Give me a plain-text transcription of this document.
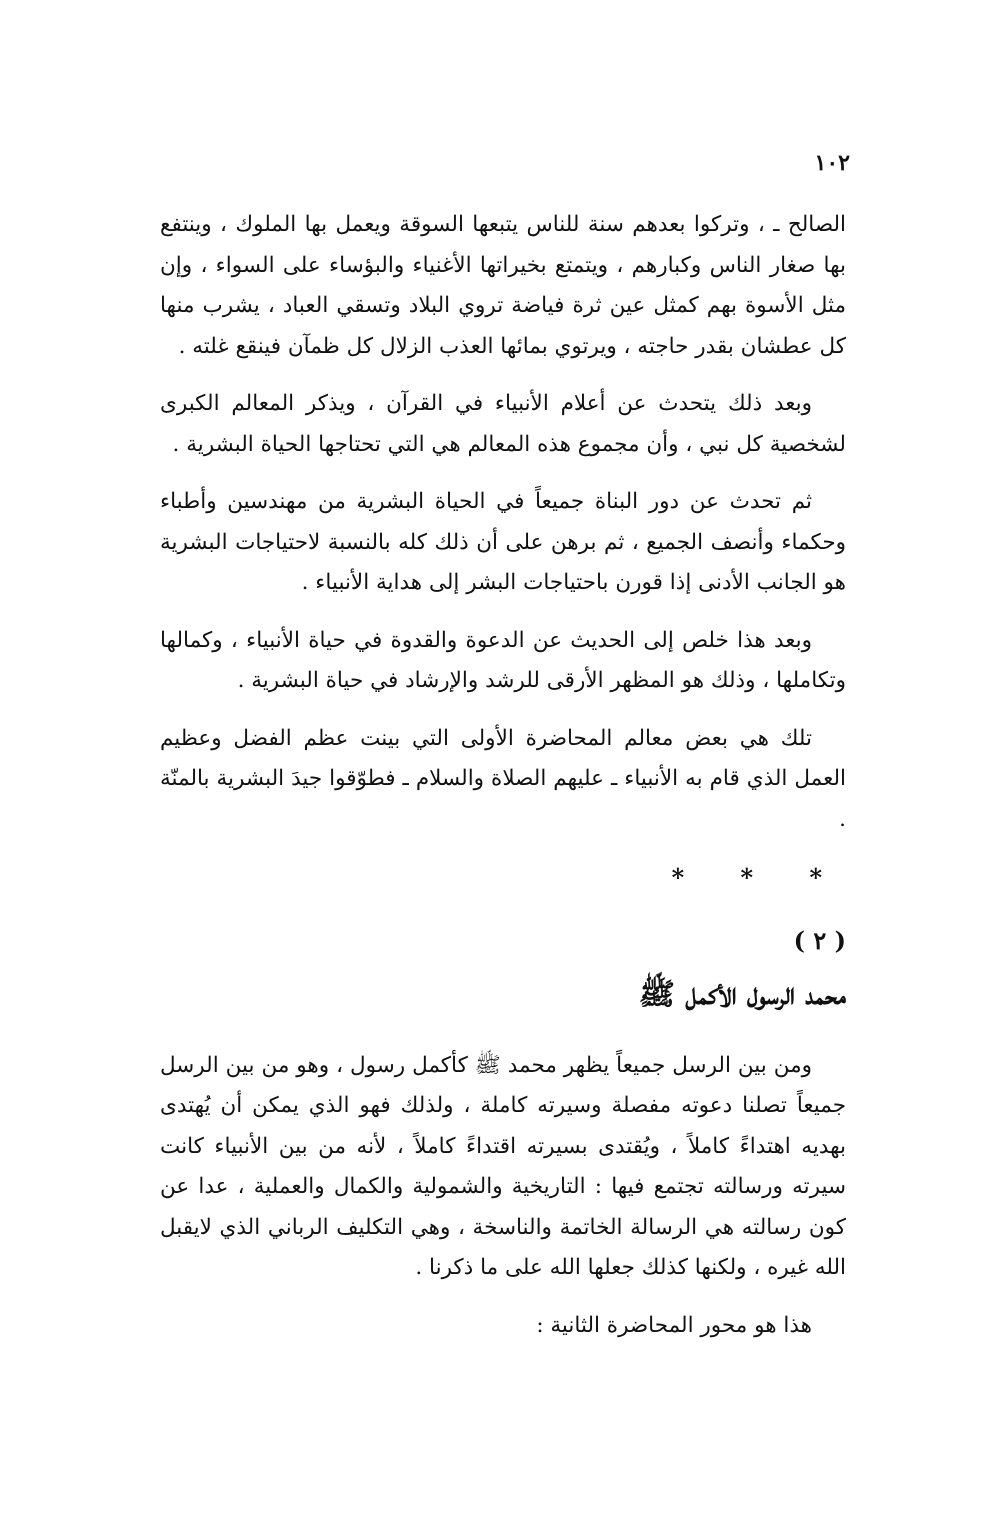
١٠٢

الصالح ـ ، وتركوا بعدهم سنة للناس يتبعها السوقة ويعمل بها الملوك ، وينتفع بها صغار الناس وكبارهم ، ويتمتع بخيراتها الأغنياء والبؤساء على السواء ، وإن مثل الأسوة بهم كمثل عين ثرة فياضة تروي البلاد وتسقي العباد ، يشرب منها كل عطشان بقدر حاجته ، ويرتوي بمائها العذب الزلال كل ظمآن فينقع غلته .

وبعد ذلك يتحدث عن أعلام الأنبياء في القرآن ، ويذكر المعالم الكبرى لشخصية كل نبي ، وأن مجموع هذه المعالم هي التي تحتاجها الحياة البشرية .

ثم تحدث عن دور البناة جميعاً في الحياة البشرية من مهندسين وأطباء وحكماء وأنصف الجميع ، ثم برهن على أن ذلك كله بالنسبة لاحتياجات البشرية هو الجانب الأدنى إذا قورن باحتياجات البشر إلى هداية الأنبياء .

وبعد هذا خلص إلى الحديث عن الدعوة والقدوة في حياة الأنبياء ، وكمالها وتكاملها ، وذلك هو المظهر الأرقى للرشد والإرشاد في حياة البشرية .

تلك هي بعض معالم المحاضرة الأولى التي بينت عظم الفضل وعظيم العمل الذي قام به الأنبياء ـ عليهم الصلاة والسلام ـ فطوّقوا جيدَ البشرية بالمنّة .

* * *
( ٢ )
محمد الرسول الأكمل ﷺ

ومن بين الرسل جميعاً يظهر محمد ﷺ كأكمل رسول ، وهو من بين الرسل جميعاً تصلنا دعوته مفصلة وسيرته كاملة ، ولذلك فهو الذي يمكن أن يُهتدى بهديه اهتداءً كاملاً ، ويُقتدى بسيرته اقتداءً كاملاً ، لأنه من بين الأنبياء كانت سيرته ورسالته تجتمع فيها : التاريخية والشمولية والكمال والعملية ، عدا عن كون رسالته هي الرسالة الخاتمة والناسخة ، وهي التكليف الرباني الذي لايقبل الله غيره ، ولكنها كذلك جعلها الله على ما ذكرنا .

هذا هو محور المحاضرة الثانية :
